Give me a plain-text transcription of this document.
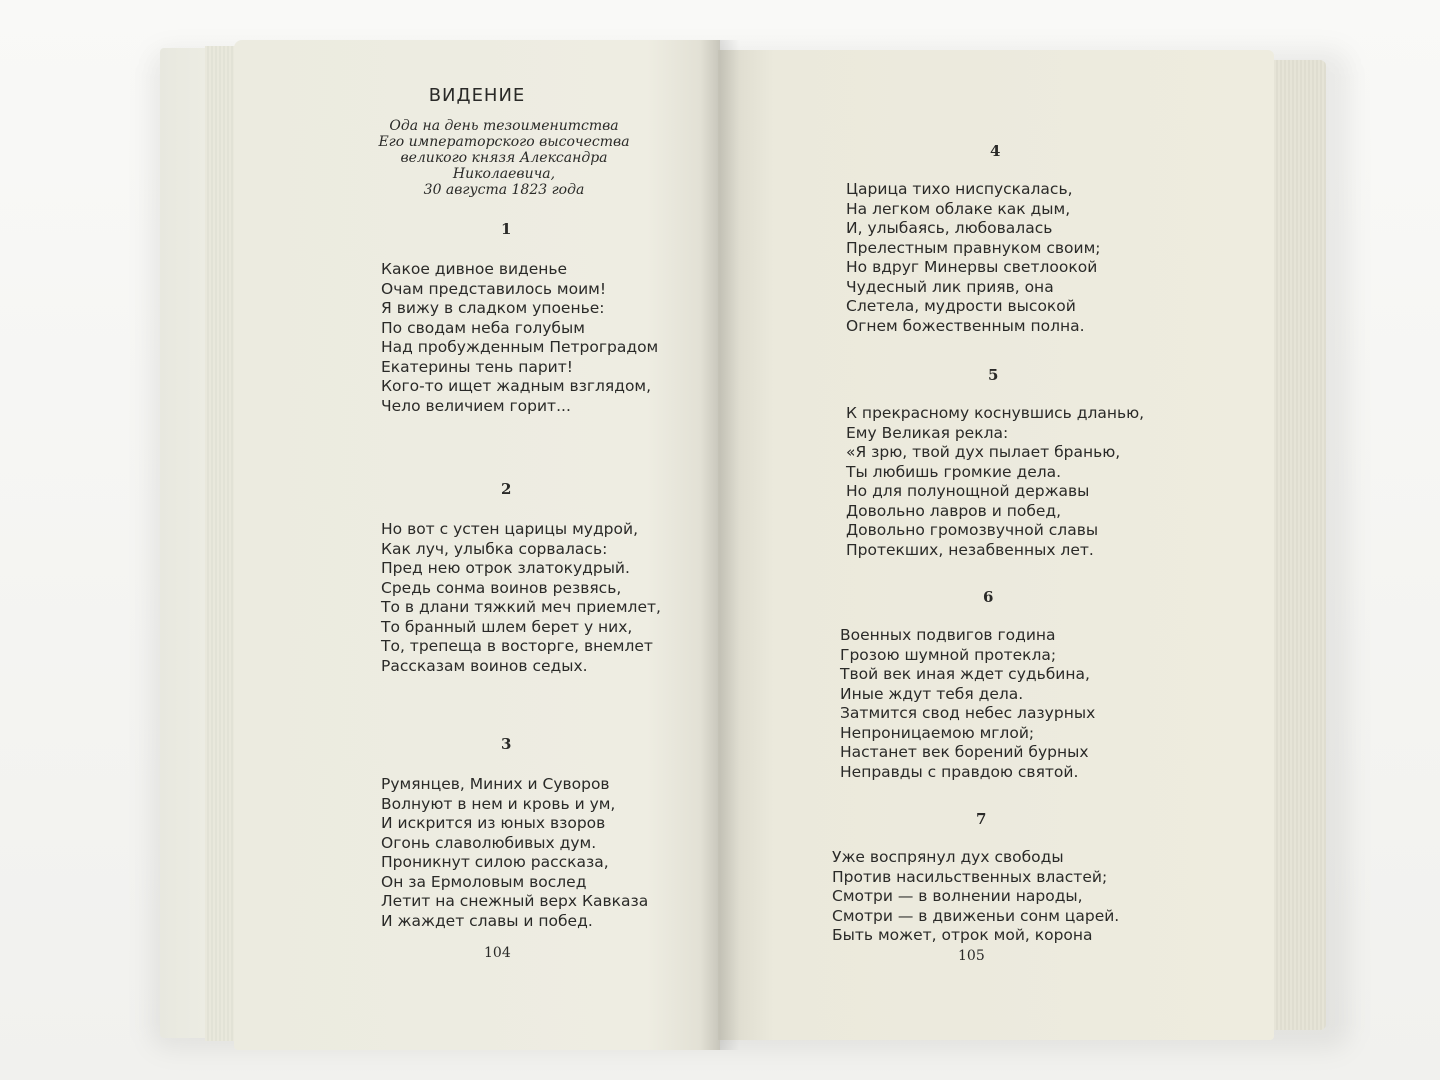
ВИДЕНИЕ
Ода на день тезоименитства
Его императорского высочества
великого князя Александра Николаевича,
30 августа 1823 года
1
Какое дивное виденье
Очам представилось моим!
Я вижу в сладком упоенье:
По сводам неба голубым
Над пробужденным Петроградом
Екатерины тень парит!
Кого-то ищет жадным взглядом,
Чело величием горит...
2
Но вот с устен царицы мудрой,
Как луч, улыбка сорвалась:
Пред нею отрок златокудрый.
Средь сонма воинов резвясь,
То в длани тяжкий меч приемлет,
То бранный шлем берет у них,
То, трепеща в восторге, внемлет
Рассказам воинов седых.
3
Румянцев, Миних и Суворов
Волнуют в нем и кровь и ум,
И искрится из юных взоров
Огонь славолюбивых дум.
Проникнут силою рассказа,
Он за Ермоловым вослед
Летит на снежный верх Кавказа
И жаждет славы и побед.
104
4
Царица тихо ниспускалась,
На легком облаке как дым,
И, улыбаясь, любовалась
Прелестным правнуком своим;
Но вдруг Минервы светлоокой
Чудесный лик прияв, она
Слетела, мудрости высокой
Огнем божественным полна.
5
К прекрасному коснувшись дланью,
Ему Великая рекла:
«Я зрю, твой дух пылает бранью,
Ты любишь громкие дела.
Но для полунощной державы
Довольно лавров и побед,
Довольно громозвучной славы
Протекших, незабвенных лет.
6
Военных подвигов година
Грозою шумной протекла;
Твой век иная ждет судьбина,
Иные ждут тебя дела.
Затмится свод небес лазурных
Непроницаемою мглой;
Настанет век борений бурных
Неправды с правдою святой.
7
Уже воспрянул дух свободы
Против насильственных властей;
Смотри — в волнении народы,
Смотри — в движеньи сонм царей.
Быть может, отрок мой, корона
105
